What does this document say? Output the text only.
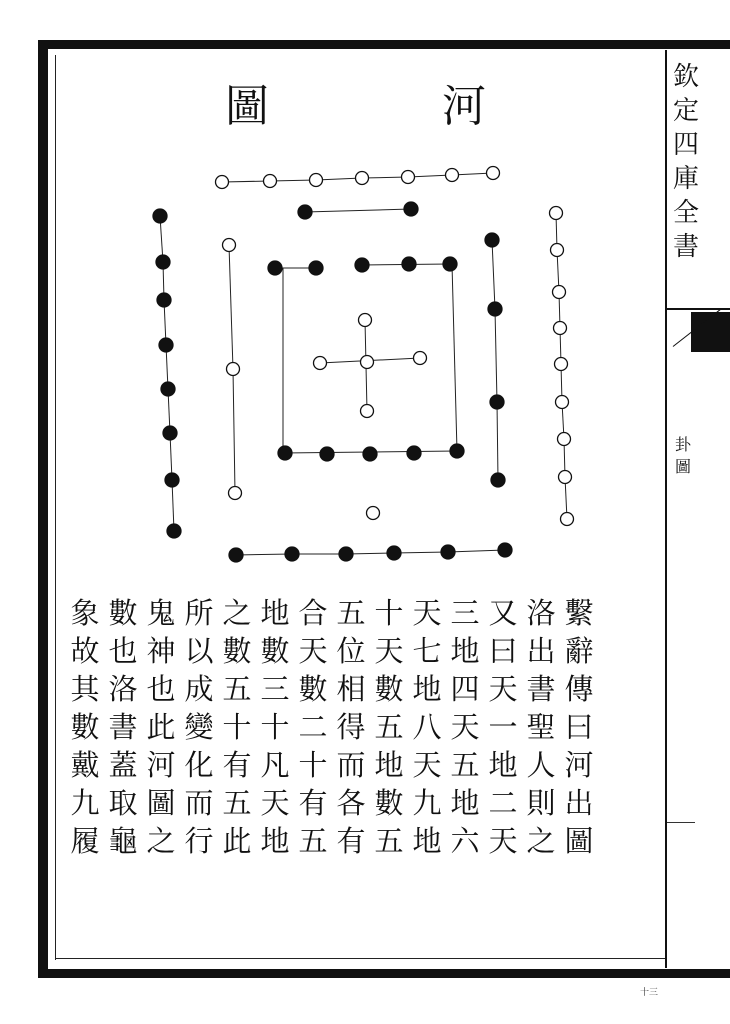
欽
定
四
庫
全
書
卦
圖
十三
河
圖
繫
辭
傳
曰
河
出
圖
洛
出
書
聖
人
則
之
又
曰
天
一
地
二
天
三
地
四
天
五
地
六
天
七
地
八
天
九
地
十
天
數
五
地
數
五
五
位
相
得
而
各
有
合
天
數
二
十
有
五
地
數
三
十
凡
天
地
之
數
五
十
有
五
此
所
以
成
變
化
而
行
鬼
神
也
此
河
圖
之
數
也
洛
書
蓋
取
龜
象
故
其
數
戴
九
履
